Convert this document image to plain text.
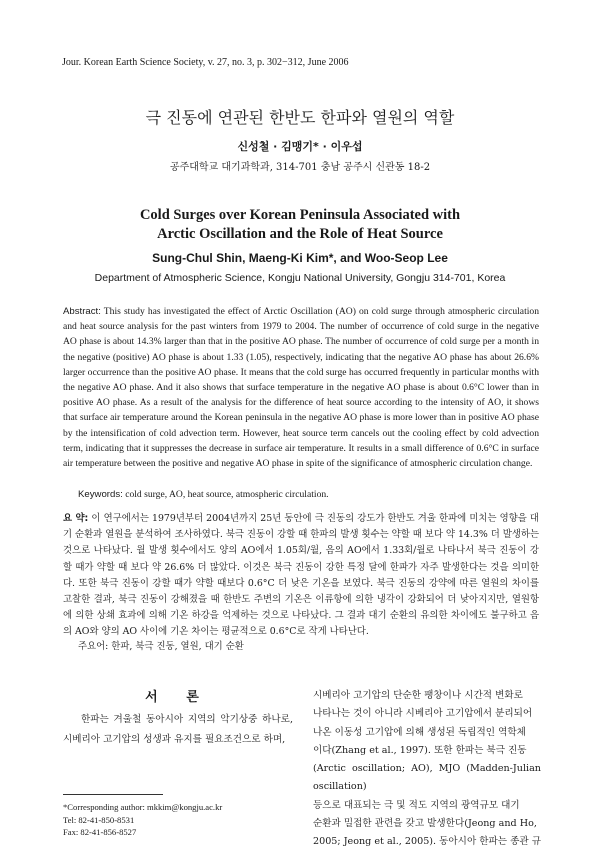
Jour. Korean Earth Science Society, v. 27, no. 3, p. 302−312, June 2006
극 진동에 연관된 한반도 한파와 열원의 역할
신성철 · 김맹기* · 이우섭
공주대학교 대기과학과, 314-701 충남 공주시 신관동 18-2
Cold Surges over Korean Peninsula Associated with
Arctic Oscillation and the Role of Heat Source
Sung-Chul Shin, Maeng-Ki Kim*, and Woo-Seop Lee
Department of Atmospheric Science, Kongju National University, Gongju 314-701, Korea
Abstract: This study has investigated the effect of Arctic Oscillation (AO) on cold surge through atmospheric circulation and heat source analysis for the past winters from 1979 to 2004. The number of occurrence of cold surge in the negative AO phase is about 14.3% larger than that in the positive AO phase. The number of occurrence of cold surge per a month in the negative (positive) AO phase is about 1.33 (1.05), respectively, indicating that the negative AO phase has about 26.6% larger occurrence than the positive AO phase. It means that the cold surge has occurred frequently in particular months with the negative AO phase. And it also shows that surface temperature in the negative AO phase is about 0.6°C lower than in positive AO phase. As a result of the analysis for the difference of heat source according to the intensity of AO, it shows that surface air temperature around the Korean peninsula in the negative AO phase is more lower than in positive AO phase by the intensification of cold advection term. However, heat source term cancels out the cooling effect by cold advection term, indicating that it suppresses the decrease in surface air temperature. It results in a small difference of 0.6°C in surface air temperature between the positive and negative AO phase in spite of the significance of atmospheric circulation change.
Keywords: cold surge, AO, heat source, atmospheric circulation.
요 약: 이 연구에서는 1979년부터 2004년까지 25년 동안에 극 진동의 강도가 한반도 겨울 한파에 미치는 영향을 대기 순환과 열원을 분석하여 조사하였다. 북극 진동이 강할 때 한파의 발생 횟수는 약할 때 보다 약 14.3% 더 발생하는 것으로 나타났다. 월 발생 횟수에서도 양의 AO에서 1.05회/월, 음의 AO에서 1.33회/월로 나타나서 북극 진동이 강할 때가 약할 때 보다 약 26.6% 더 많았다. 이것은 북극 진동이 강한 특정 달에 한파가 자주 발생한다는 것을 의미한다. 또한 북극 진동이 강할 때가 약할 때보다 0.6°C 더 낮은 기온을 보였다. 북극 진동의 강약에 따른 열원의 차이를 고찰한 결과, 북극 진동이 강해졌을 때 한반도 주변의 기온은 이류항에 의한 냉각이 강화되어 더 낮아지지만, 열원항에 의한 상쇄 효과에 의해 기온 하강을 억제하는 것으로 나타났다. 그 결과 대기 순환의 유의한 차이에도 불구하고 음의 AO와 양의 AO 사이에 기온 차이는 평균적으로 0.6°C로 작게 나타난다.
주요어: 한파, 북극 진동, 열원, 대기 순환
서 론
한파는 겨울철 동아시아 지역의 악기상중 하나로, 시베리아 고기압의 성생과 유지를 필요조건으로 하며,
*Corresponding author: mkkim@kongju.ac.kr
Tel: 82-41-850-8531
Fax: 82-41-856-8527
시베리아 고기압의 단순한 팽창이나 시간적 변화로
나타나는 것이 아니라 시베리아 고기압에서 분리되어
나온 이동성 고기압에 의해 생성된 독립적인 역학체
이다(Zhang et al., 1997). 또한 한파는 북극 진동
(Arctic oscillation; AO), MJO (Madden-Julian oscillation)
등으로 대표되는 극 및 적도 지역의 광역규모 대기
순환과 밀접한 관련을 갖고 발생한다(Jeong and Ho,
2005; Jeong et al., 2005). 동아시아 한파는 종관 규
